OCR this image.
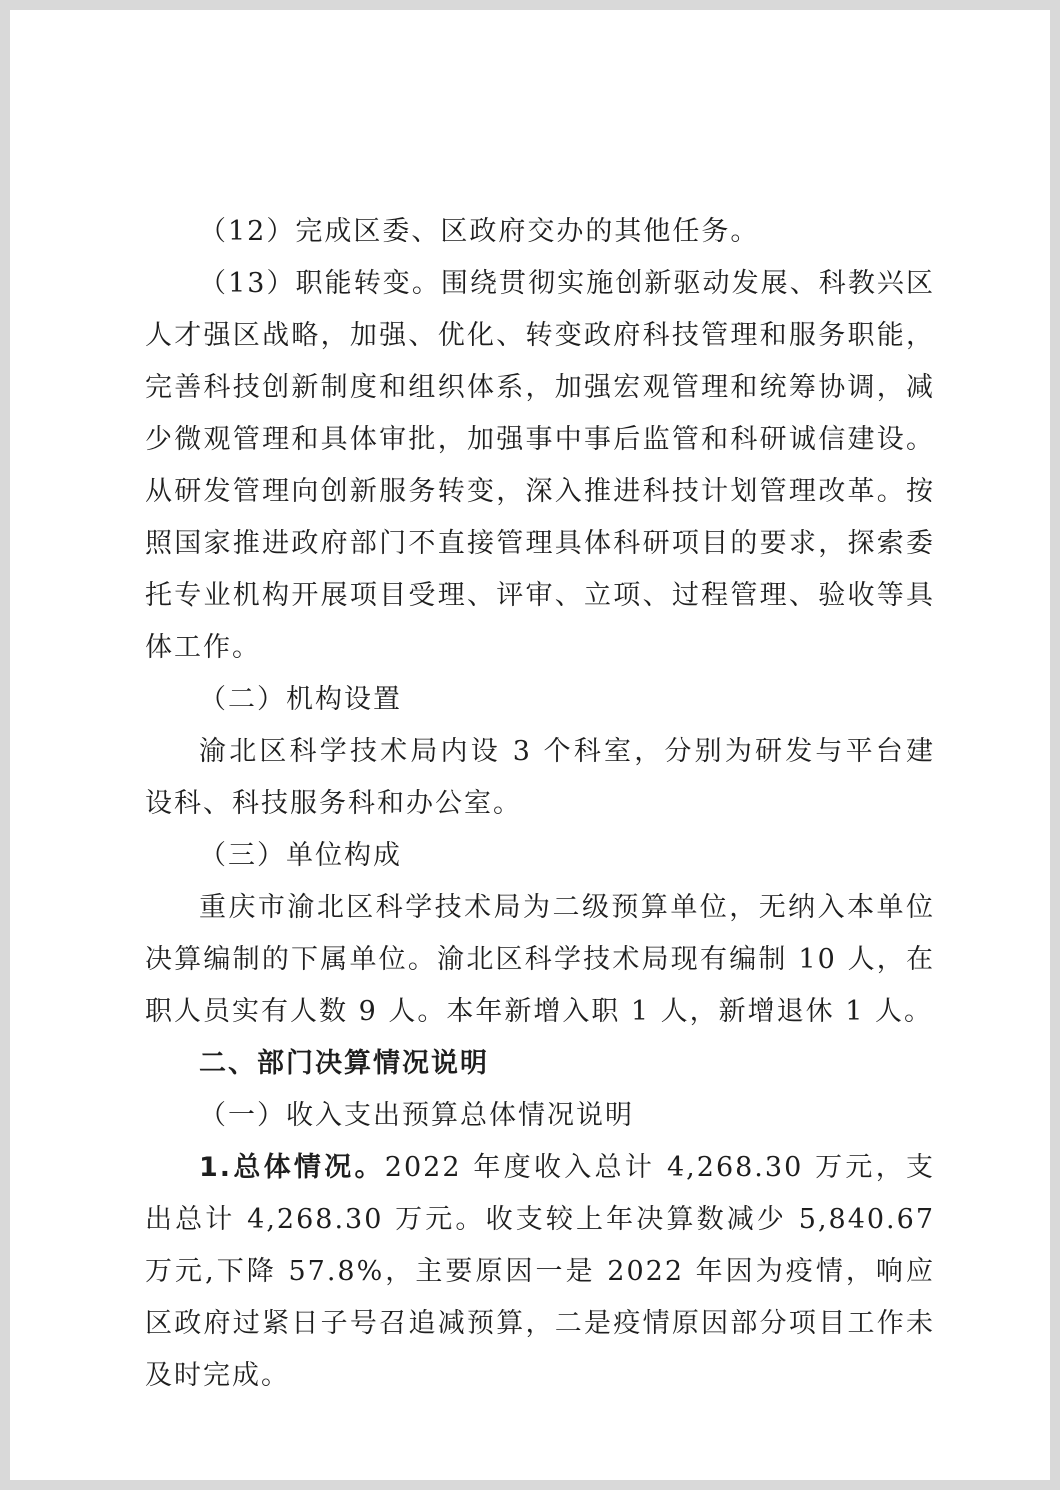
（12）完成区委、区政府交办的其他任务。

（13）职能转变。围绕贯彻实施创新驱动发展、科教兴区人才强区战略，加强、优化、转变政府科技管理和服务职能，完善科技创新制度和组织体系，加强宏观管理和统筹协调，减少微观管理和具体审批，加强事中事后监管和科研诚信建设。从研发管理向创新服务转变，深入推进科技计划管理改革。按照国家推进政府部门不直接管理具体科研项目的要求，探索委托专业机构开展项目受理、评审、立项、过程管理、验收等具体工作。

（二）机构设置

渝北区科学技术局内设 3 个科室，分别为研发与平台建设科、科技服务科和办公室。

（三）单位构成

重庆市渝北区科学技术局为二级预算单位，无纳入本单位决算编制的下属单位。渝北区科学技术局现有编制 10 人，在职人员实有人数 9 人。本年新增入职 1 人，新增退休 1 人。

二、部门决算情况说明

（一）收入支出预算总体情况说明

1.总体情况。2022 年度收入总计 4,268.30 万元，支出总计 4,268.30 万元。收支较上年决算数减少 5,840.67 万元,下降 57.8%，主要原因一是 2022 年因为疫情，响应区政府过紧日子号召追减预算，二是疫情原因部分项目工作未及时完成。
